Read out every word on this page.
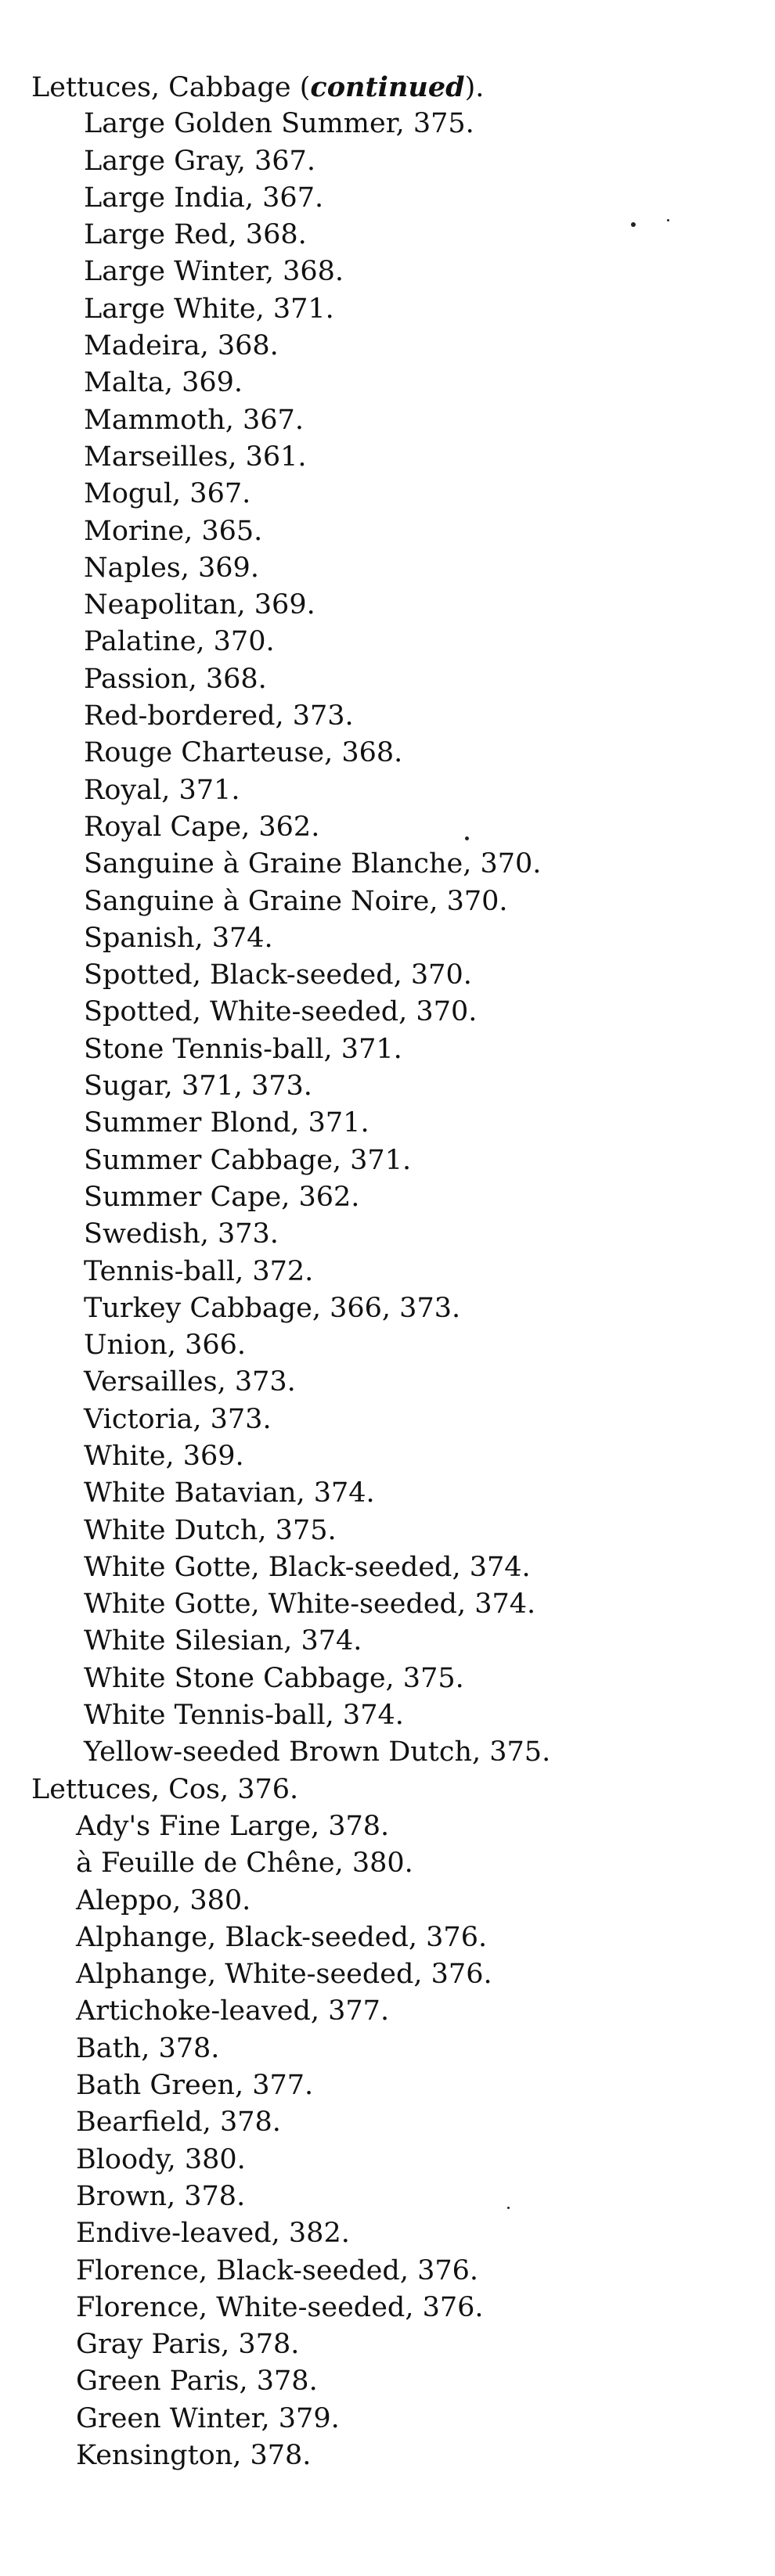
Lettuces, Cabbage (continued).
Large Golden Summer, 375.
Large Gray, 367.
Large India, 367.
Large Red, 368.
Large Winter, 368.
Large White, 371.
Madeira, 368.
Malta, 369.
Mammoth, 367.
Marseilles, 361.
Mogul, 367.
Morine, 365.
Naples, 369.
Neapolitan, 369.
Palatine, 370.
Passion, 368.
Red-bordered, 373.
Rouge Charteuse, 368.
Royal, 371.
Royal Cape, 362.
Sanguine à Graine Blanche, 370.
Sanguine à Graine Noire, 370.
Spanish, 374.
Spotted, Black-seeded, 370.
Spotted, White-seeded, 370.
Stone Tennis-ball, 371.
Sugar, 371, 373.
Summer Blond, 371.
Summer Cabbage, 371.
Summer Cape, 362.
Swedish, 373.
Tennis-ball, 372.
Turkey Cabbage, 366, 373.
Union, 366.
Versailles, 373.
Victoria, 373.
White, 369.
White Batavian, 374.
White Dutch, 375.
White Gotte, Black-seeded, 374.
White Gotte, White-seeded, 374.
White Silesian, 374.
White Stone Cabbage, 375.
White Tennis-ball, 374.
Yellow-seeded Brown Dutch, 375.
Lettuces, Cos, 376.
Ady's Fine Large, 378.
à Feuille de Chêne, 380.
Aleppo, 380.
Alphange, Black-seeded, 376.
Alphange, White-seeded, 376.
Artichoke-leaved, 377.
Bath, 378.
Bath Green, 377.
Bearfield, 378.
Bloody, 380.
Brown, 378.
Endive-leaved, 382.
Florence, Black-seeded, 376.
Florence, White-seeded, 376.
Gray Paris, 378.
Green Paris, 378.
Green Winter, 379.
Kensington, 378.
